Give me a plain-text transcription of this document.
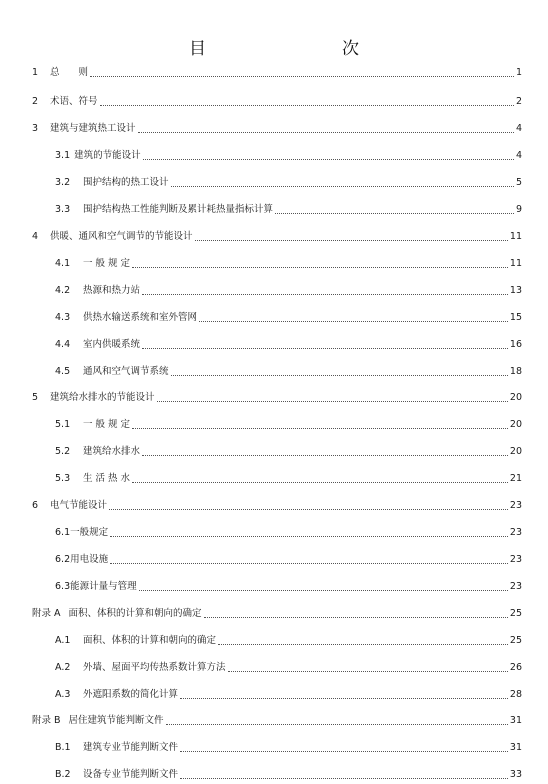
目　　次
1	总　　则	1
2	术语、符号	2
3	建筑与建筑热工设计	4
3.1 建筑的节能设计	4
3.2	围护结构的热工设计	5
3.3	围护结构热工性能判断及累计耗热量指标计算	9
4	供暖、通风和空气调节的节能设计	11
4.1	一 般 规 定	11
4.2	热源和热力站	13
4.3	供热水输送系统和室外管网	15
4.4	室内供暖系统	16
4.5	通风和空气调节系统	18
5	建筑给水排水的节能设计	20
5.1	一 般 规 定	20
5.2	建筑给水排水	20
5.3	生 活 热 水	21
6	电气节能设计	23
6.1 一般规定	23
6.2 用电设施	23
6.3 能源计量与管理	23
附录 A 面积、体积的计算和朝向的确定	25
A.1 面积、体积的计算和朝向的确定	25
A.2 外墙、屋面平均传热系数计算方法	26
A.3 外遮阳系数的简化计算	28
附录 B 居住建筑节能判断文件	31
B.1 建筑专业节能判断文件	31
B.2 设备专业节能判断文件	33
